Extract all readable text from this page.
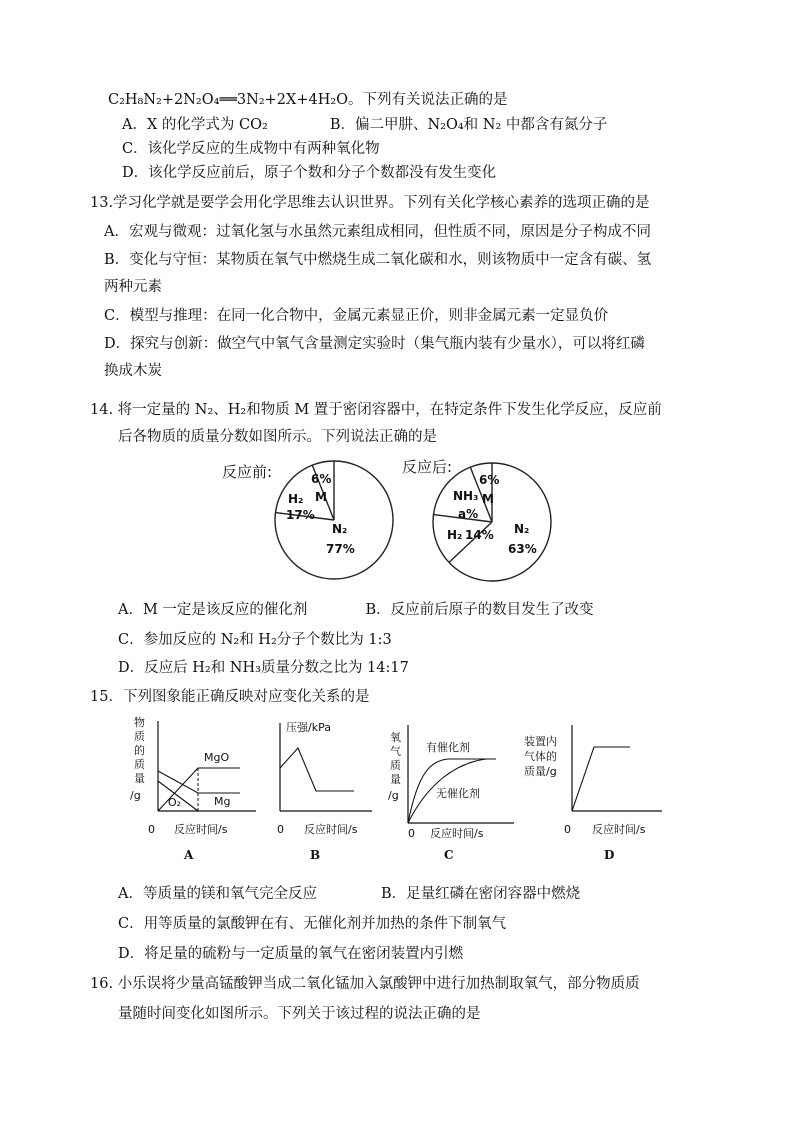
C₂H₈N₂+2N₂O₄══3N₂+2X+4H₂O。下列有关说法正确的是
A．X 的化学式为 CO₂	B．偏二甲肼、N₂O₄和 N₂ 中都含有氮分子
C．该化学反应的生成物中有两种氧化物
D．该化学反应前后，原子个数和分子个数都没有发生变化
13.学习化学就是要学会用化学思维去认识世界。下列有关化学核心素养的选项正确的是
A．宏观与微观：过氧化氢与水虽然元素组成相同，但性质不同，原因是分子构成不同
B．变化与守恒：某物质在氧气中燃烧生成二氧化碳和水，则该物质中一定含有碳、氢
两种元素
C．模型与推理：在同一化合物中，金属元素显正价，则非金属元素一定显负价
D．探究与创新：做空气中氧气含量测定实验时（集气瓶内装有少量水），可以将红磷
换成木炭
14. 将一定量的 N₂、H₂和物质 M 置于密闭容器中，在特定条件下发生化学反应，反应前
后各物质的质量分数如图所示。下列说法正确的是
反应前:	6%
M
H₂
17%
N₂
77%
反应后:
6%
M
NH₃
a%
H₂ 14% N₂
63%
A．M 一定是该反应的催化剂	B．反应前后原子的数目发生了改变
C．参加反应的 N₂和 H₂分子个数比为 1:3
D．反应后 H₂和 NH₃质量分数之比为 14:17
15．下列图象能正确反映对应变化关系的是
物
质
的
质
量
/g
MgO
Mg
O₂
0 反应时间/s
A
压强/kPa
0 反应时间/s
B
氧
气
质
量
/g
有催化剂
无催化剂
0 反应时间/s
C
装置内
气体的
质量/g
0 反应时间/s
D
A．等质量的镁和氧气完全反应	B．足量红磷在密闭容器中燃烧
C．用等质量的氯酸钾在有、无催化剂并加热的条件下制氧气
D．将足量的硫粉与一定质量的氧气在密闭装置内引燃
16. 小乐误将少量高锰酸钾当成二氧化锰加入氯酸钾中进行加热制取氧气，部分物质质
量随时间变化如图所示。下列关于该过程的说法正确的是
